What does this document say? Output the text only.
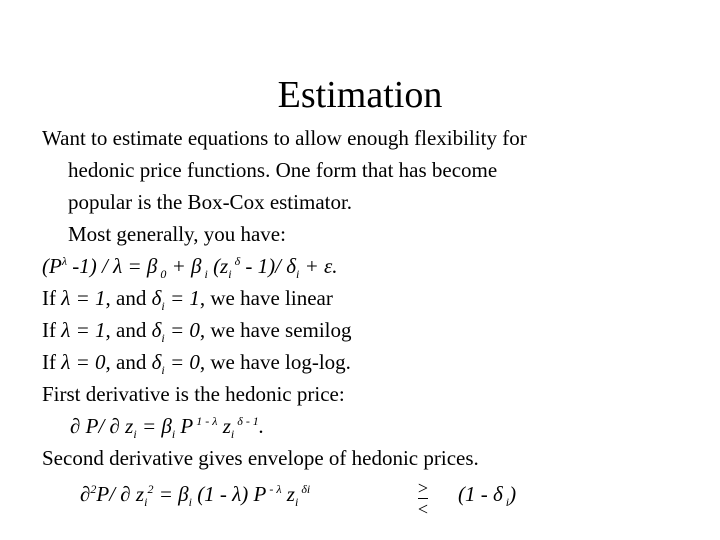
Estimation
Want to estimate equations to allow enough flexibility for
hedonic price functions. One form that has become
popular is the Box-Cox estimator.
Most generally, you have:
($P^\lambda$ -1) / λ = β $_0$ + β $_i$ ($z_i$ $^\delta$ - 1)/ $\delta_i + \varepsilon$.
If λ = 1, and $\delta_i = 1$, we have linear
If λ = 1, and $\delta_i = 0$, we have semilog
If λ = 0, and $\delta_i = 0$, we have log-log.
First derivative is the hedonic price:
∂ P/ ∂ $z_i = \beta_i$ P $^{1 - \lambda}$ $z_i$ $^{\delta - 1}$.
Second derivative gives envelope of hedonic prices.
∂$^2$P/ ∂ $z_i^2 = \beta_i$ (1 - λ) P $^{- \lambda}$ $z_i$ $^{\delta i}$	>
<
(1 - δ $_i$)
